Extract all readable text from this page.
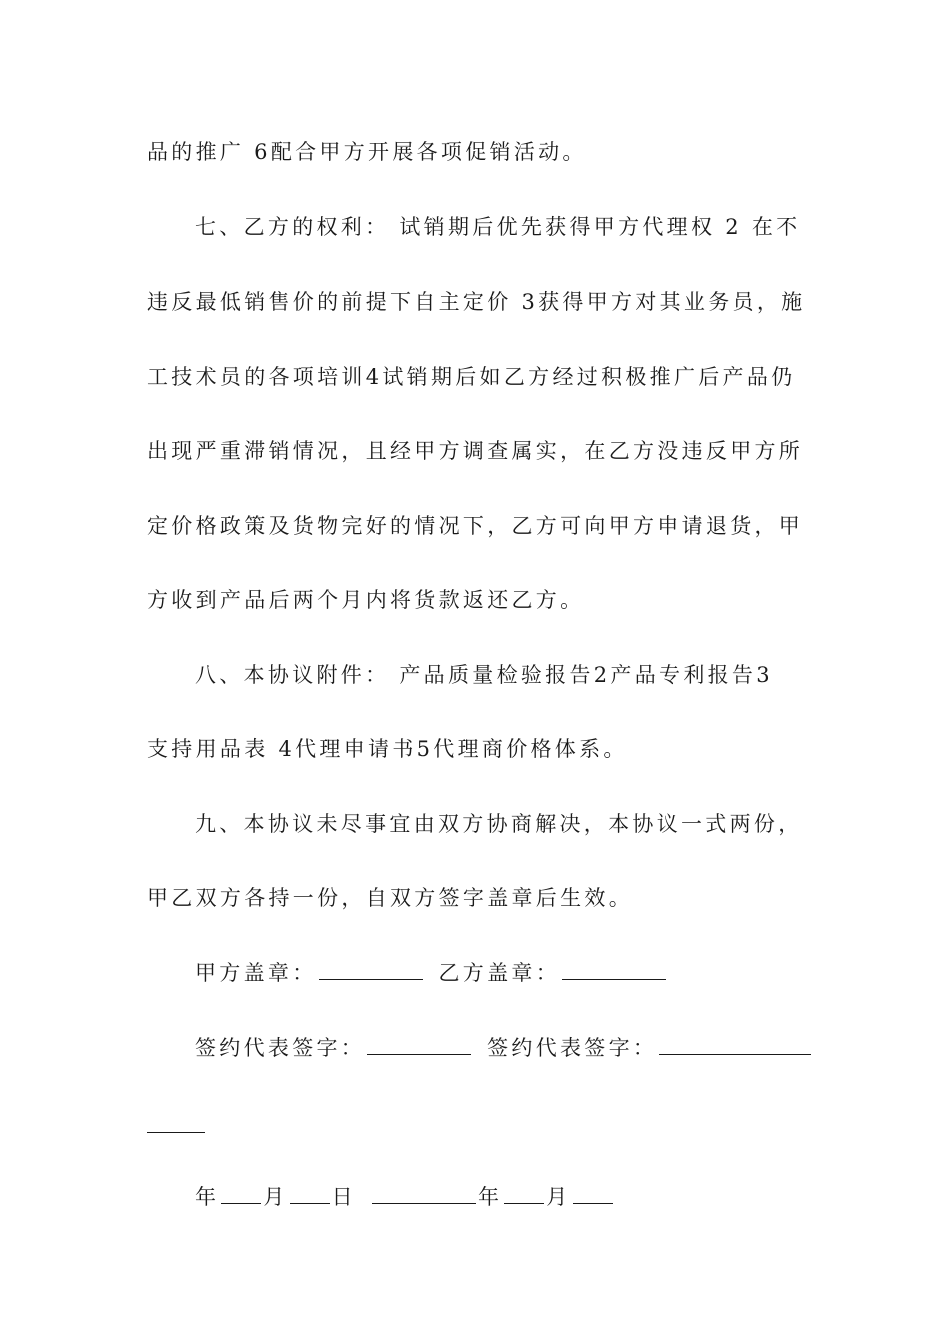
品的推广 6配合甲方开展各项促销活动。
七、乙方的权利： 试销期后优先获得甲方代理权 2 在不
违反最低销售价的前提下自主定价 3获得甲方对其业务员，施
工技术员的各项培训4试销期后如乙方经过积极推广后产品仍
出现严重滞销情况，且经甲方调查属实，在乙方没违反甲方所
定价格政策及货物完好的情况下，乙方可向甲方申请退货，甲
方收到产品后两个月内将货款返还乙方。
八、本协议附件： 产品质量检验报告2产品专利报告3
支持用品表 4代理申请书5代理商价格体系。
九、本协议未尽事宜由双方协商解决，本协议一式两份，
甲乙双方各持一份，自双方签字盖章后生效。
甲方盖章：	乙方盖章：
签约代表签字：	签约代表签字：
年 月 日	年 月
